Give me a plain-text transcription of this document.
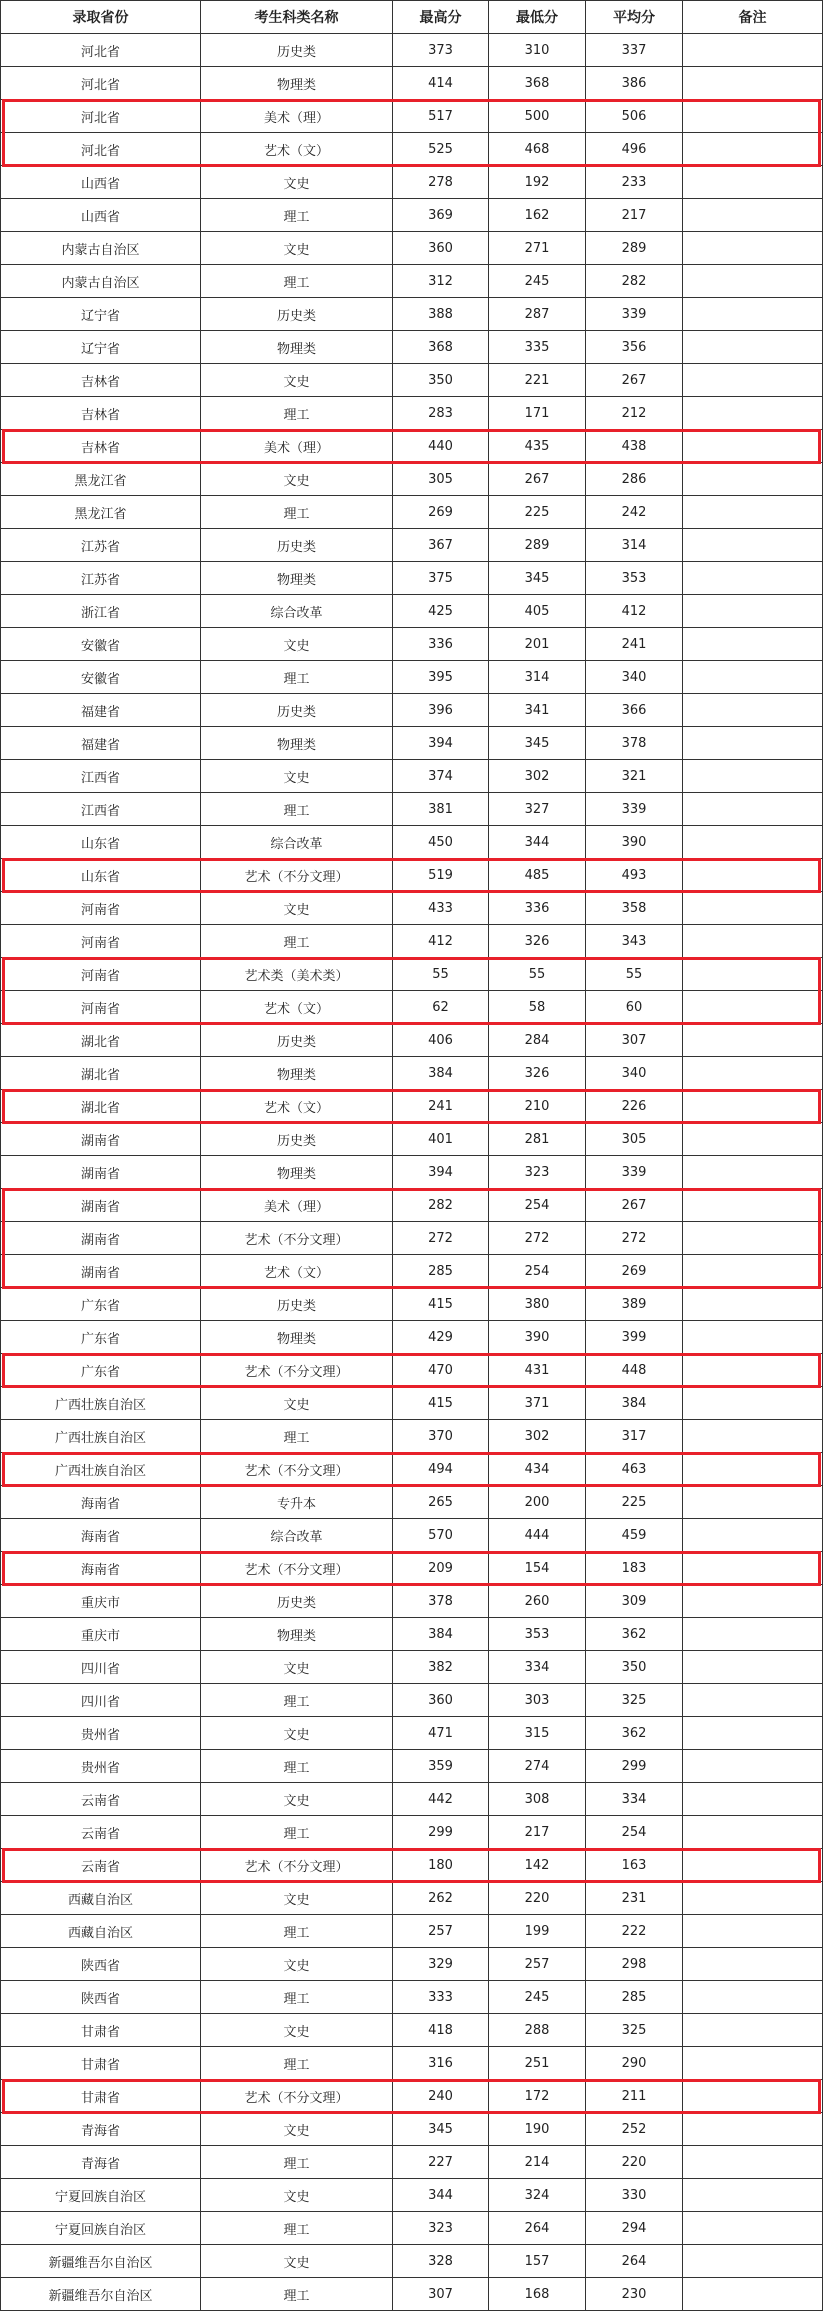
录取省份	考生科类名称	最高分	最低分	平均分	备注
河北省	历史类	373	310	337	
河北省	物理类	414	368	386	
河北省	美术（理）	517	500	506	
河北省	艺术（文）	525	468	496	
山西省	文史	278	192	233	
山西省	理工	369	162	217	
内蒙古自治区	文史	360	271	289	
内蒙古自治区	理工	312	245	282	
辽宁省	历史类	388	287	339	
辽宁省	物理类	368	335	356	
吉林省	文史	350	221	267	
吉林省	理工	283	171	212	
吉林省	美术（理）	440	435	438	
黑龙江省	文史	305	267	286	
黑龙江省	理工	269	225	242	
江苏省	历史类	367	289	314	
江苏省	物理类	375	345	353	
浙江省	综合改革	425	405	412	
安徽省	文史	336	201	241	
安徽省	理工	395	314	340	
福建省	历史类	396	341	366	
福建省	物理类	394	345	378	
江西省	文史	374	302	321	
江西省	理工	381	327	339	
山东省	综合改革	450	344	390	
山东省	艺术（不分文理）	519	485	493	
河南省	文史	433	336	358	
河南省	理工	412	326	343	
河南省	艺术类（美术类）	55	55	55	
河南省	艺术（文）	62	58	60	
湖北省	历史类	406	284	307	
湖北省	物理类	384	326	340	
湖北省	艺术（文）	241	210	226	
湖南省	历史类	401	281	305	
湖南省	物理类	394	323	339	
湖南省	美术（理）	282	254	267	
湖南省	艺术（不分文理）	272	272	272	
湖南省	艺术（文）	285	254	269	
广东省	历史类	415	380	389	
广东省	物理类	429	390	399	
广东省	艺术（不分文理）	470	431	448	
广西壮族自治区	文史	415	371	384	
广西壮族自治区	理工	370	302	317	
广西壮族自治区	艺术（不分文理）	494	434	463	
海南省	专升本	265	200	225	
海南省	综合改革	570	444	459	
海南省	艺术（不分文理）	209	154	183	
重庆市	历史类	378	260	309	
重庆市	物理类	384	353	362	
四川省	文史	382	334	350	
四川省	理工	360	303	325	
贵州省	文史	471	315	362	
贵州省	理工	359	274	299	
云南省	文史	442	308	334	
云南省	理工	299	217	254	
云南省	艺术（不分文理）	180	142	163	
西藏自治区	文史	262	220	231	
西藏自治区	理工	257	199	222	
陕西省	文史	329	257	298	
陕西省	理工	333	245	285	
甘肃省	文史	418	288	325	
甘肃省	理工	316	251	290	
甘肃省	艺术（不分文理）	240	172	211	
青海省	文史	345	190	252	
青海省	理工	227	214	220	
宁夏回族自治区	文史	344	324	330	
宁夏回族自治区	理工	323	264	294	
新疆维吾尔自治区	文史	328	157	264	
新疆维吾尔自治区	理工	307	168	230	
